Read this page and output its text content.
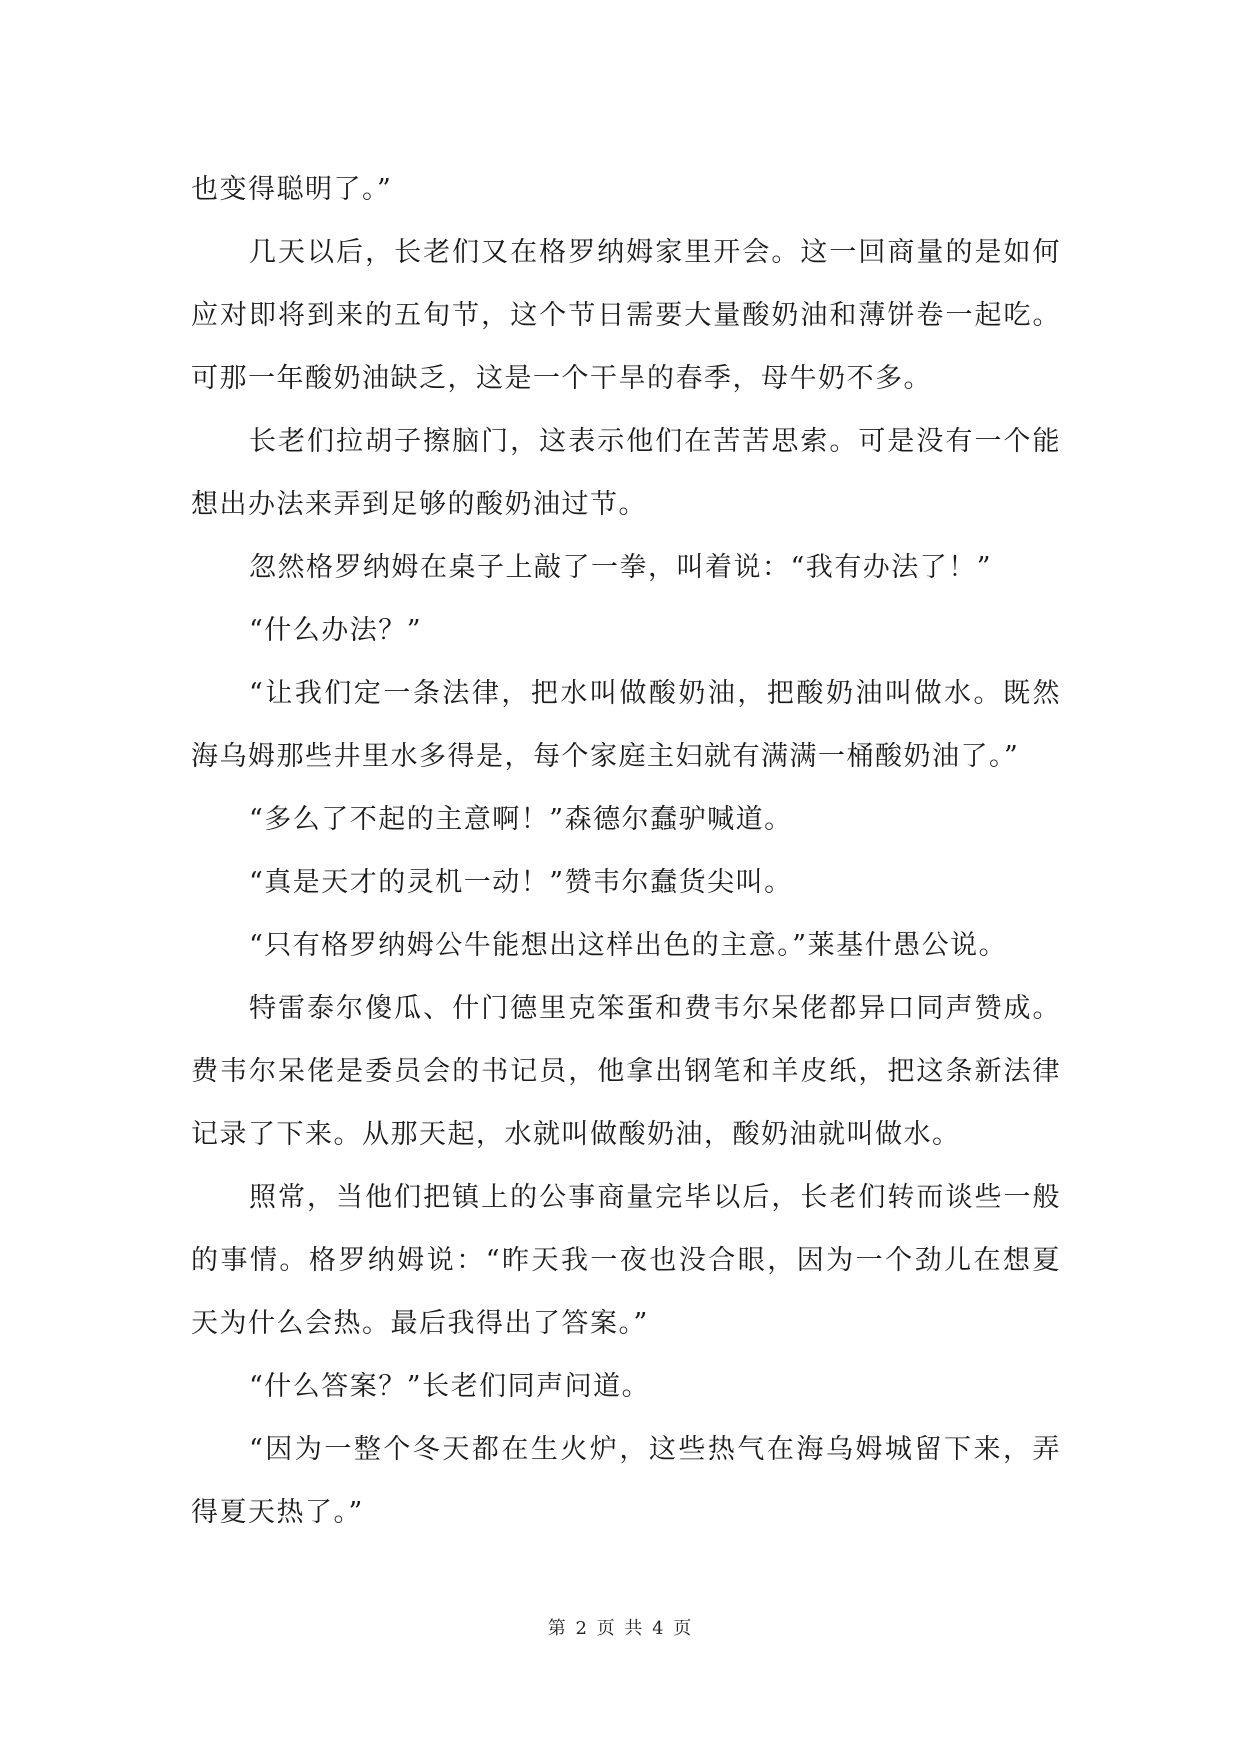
也变得聪明了。”

几天以后，长老们又在格罗纳姆家里开会。这一回商量的是如何应对即将到来的五旬节，这个节日需要大量酸奶油和薄饼卷一起吃。可那一年酸奶油缺乏，这是一个干旱的春季，母牛奶不多。

长老们拉胡子擦脑门，这表示他们在苦苦思索。可是没有一个能想出办法来弄到足够的酸奶油过节。

忽然格罗纳姆在桌子上敲了一拳，叫着说：“我有办法了！”

“什么办法？”

“让我们定一条法律，把水叫做酸奶油，把酸奶油叫做水。既然海乌姆那些井里水多得是，每个家庭主妇就有满满一桶酸奶油了。”

“多么了不起的主意啊！”森德尔蠢驴喊道。

“真是天才的灵机一动！”赞韦尔蠢货尖叫。

“只有格罗纳姆公牛能想出这样出色的主意。”莱基什愚公说。

特雷泰尔傻瓜、什门德里克笨蛋和费韦尔呆佬都异口同声赞成。费韦尔呆佬是委员会的书记员，他拿出钢笔和羊皮纸，把这条新法律记录了下来。从那天起，水就叫做酸奶油，酸奶油就叫做水。

照常，当他们把镇上的公事商量完毕以后，长老们转而谈些一般的事情。格罗纳姆说：“昨天我一夜也没合眼，因为一个劲儿在想夏天为什么会热。最后我得出了答案。”

“什么答案？”长老们同声问道。

“因为一整个冬天都在生火炉，这些热气在海乌姆城留下来，弄得夏天热了。”

第 2 页 共 4 页
